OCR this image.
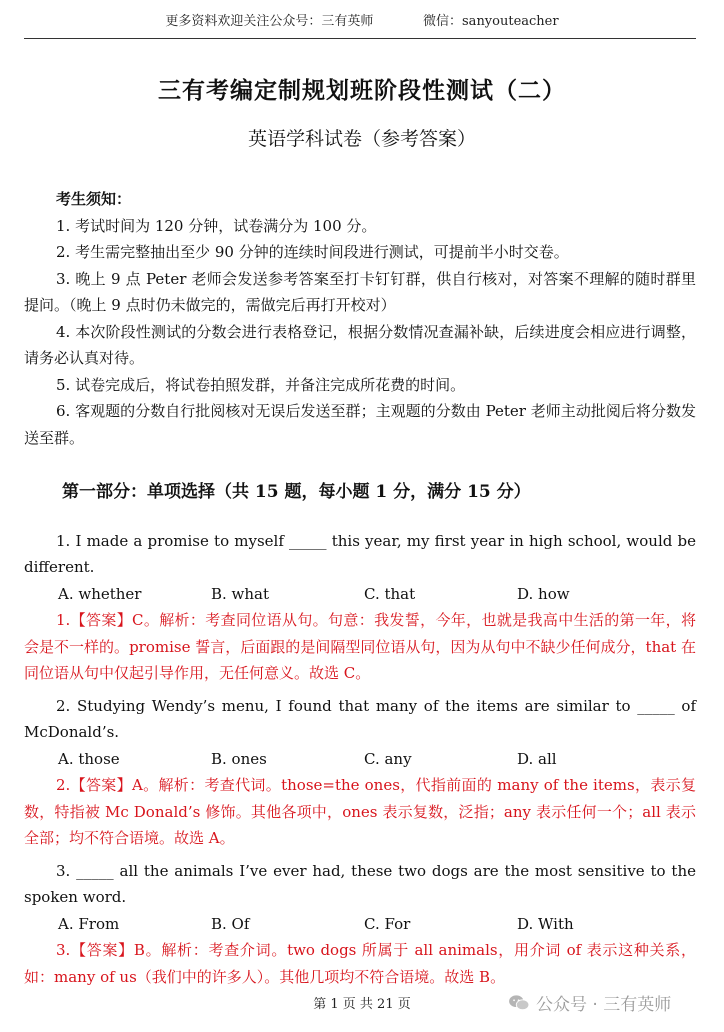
更多资料欢迎关注公众号：三有英师	微信：sanyouteacher
三有考编定制规划班阶段性测试（二）
英语学科试卷（参考答案）
考生须知：
1. 考试时间为 120 分钟，试卷满分为 100 分。
2. 考生需完整抽出至少 90 分钟的连续时间段进行测试，可提前半小时交卷。
3. 晚上 9 点 Peter 老师会发送参考答案至打卡钉钉群，供自行核对，对答案不理解的随时群里提问。（晚上 9 点时仍未做完的，需做完后再打开校对）
4. 本次阶段性测试的分数会进行表格登记，根据分数情况查漏补缺，后续进度会相应进行调整，请务必认真对待。
5. 试卷完成后，将试卷拍照发群，并备注完成所花费的时间。
6. 客观题的分数自行批阅核对无误后发送至群；主观题的分数由 Peter 老师主动批阅后将分数发送至群。
第一部分：单项选择（共 15 题，每小题 1 分，满分 15 分）
1. I made a promise to myself _____ this year, my first year in high school, would be different.
A. whether	B. what	C. that	D. how
1.【答案】C。解析：考查同位语从句。句意：我发誓，今年，也就是我高中生活的第一年，将会是不一样的。promise 誓言，后面跟的是间隔型同位语从句，因为从句中不缺少任何成分，that 在同位语从句中仅起引导作用，无任何意义。故选 C。
2. Studying Wendy’s menu, I found that many of the items are similar to _____ of McDonald’s.
A. those	B. ones	C. any	D. all
2.【答案】A。解析：考查代词。those=the ones，代指前面的 many of the items，表示复数，特指被 Mc Donald’s 修饰。其他各项中，ones 表示复数，泛指；any 表示任何一个；all 表示全部；均不符合语境。故选 A。
3. _____ all the animals I’ve ever had, these two dogs are the most sensitive to the spoken word.
A. From	B. Of	C. For	D. With
3.【答案】B。解析：考查介词。two dogs 所属于 all animals，用介词 of 表示这种关系，如：many of us（我们中的许多人）。其他几项均不符合语境。故选 B。
第 1 页 共 21 页	公众号 · 三有英师
